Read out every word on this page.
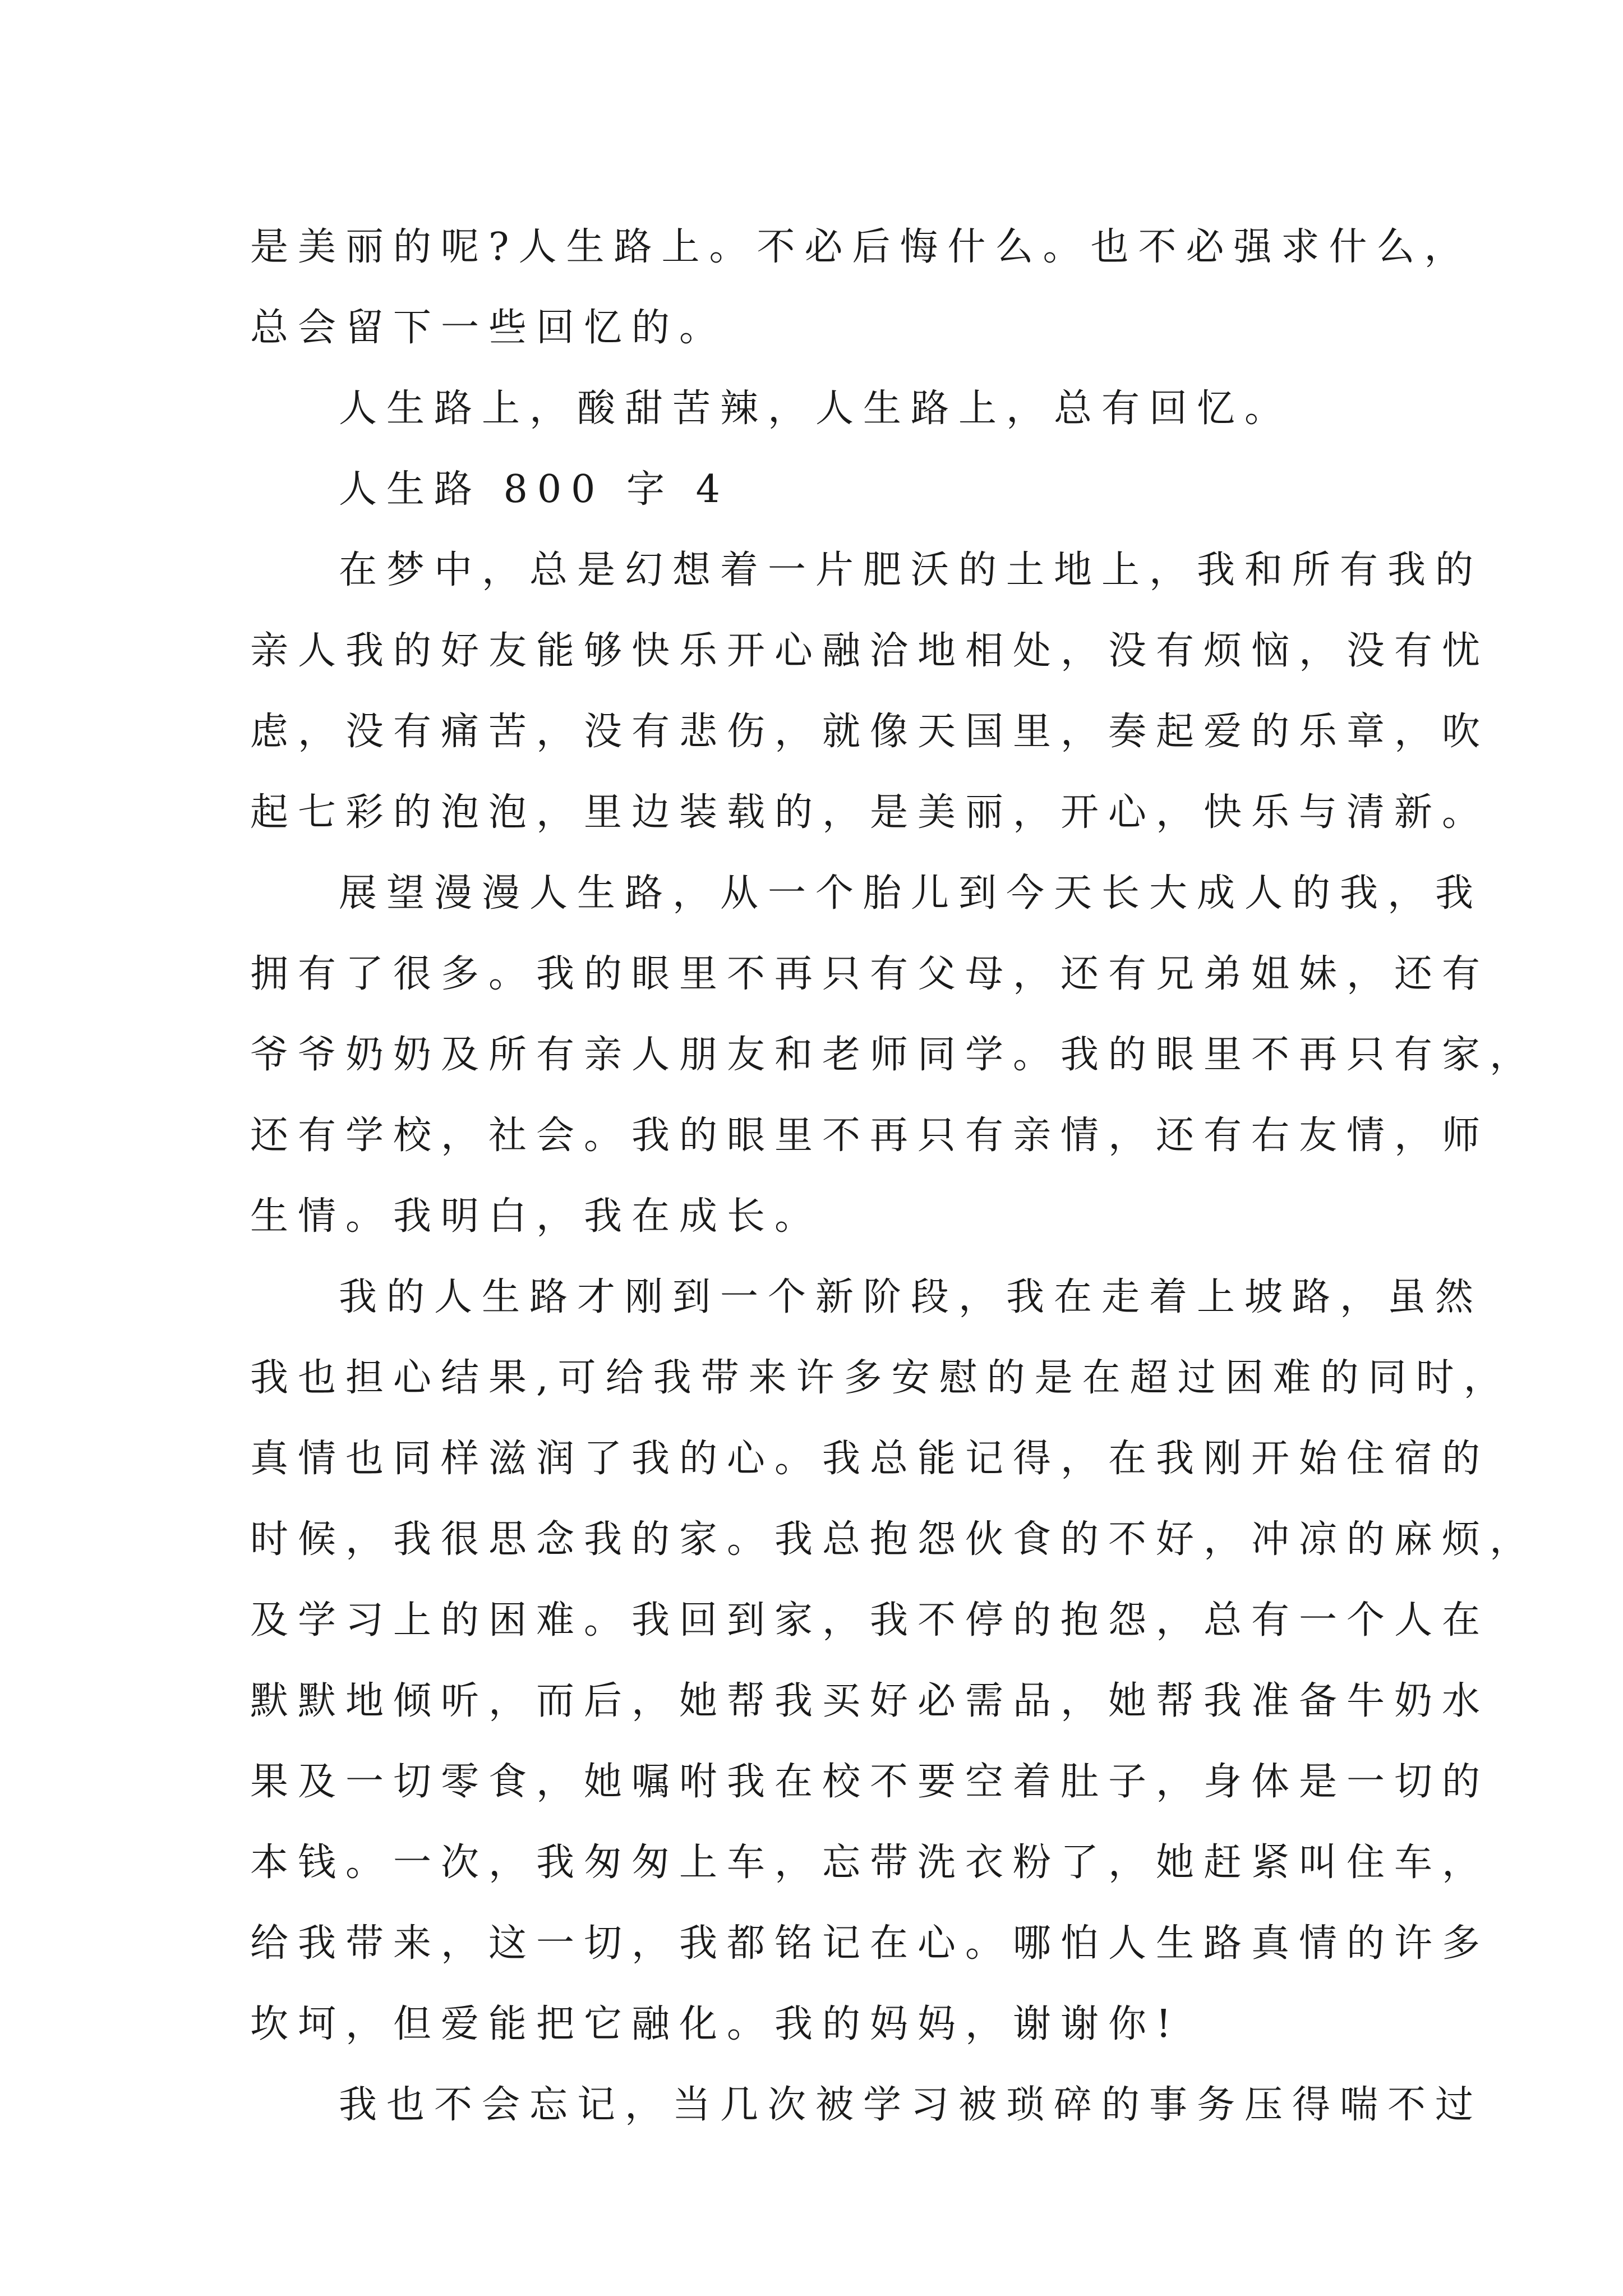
是美丽的呢?人生路上。不必后悔什么。也不必强求什么，
总会留下一些回忆的。
人生路上，酸甜苦辣，人生路上，总有回忆。
人生路 800 字 4
在梦中，总是幻想着一片肥沃的土地上，我和所有我的
亲人我的好友能够快乐开心融洽地相处，没有烦恼，没有忧
虑，没有痛苦，没有悲伤，就像天国里，奏起爱的乐章，吹
起七彩的泡泡，里边装载的，是美丽，开心，快乐与清新。
展望漫漫人生路，从一个胎儿到今天长大成人的我，我
拥有了很多。我的眼里不再只有父母，还有兄弟姐妹，还有
爷爷奶奶及所有亲人朋友和老师同学。我的眼里不再只有家，
还有学校，社会。我的眼里不再只有亲情，还有右友情，师
生情。我明白，我在成长。
我的人生路才刚到一个新阶段，我在走着上坡路，虽然
我也担心结果,可给我带来许多安慰的是在超过困难的同时，
真情也同样滋润了我的心。我总能记得，在我刚开始住宿的
时候，我很思念我的家。我总抱怨伙食的不好，冲凉的麻烦，
及学习上的困难。我回到家，我不停的抱怨，总有一个人在
默默地倾听，而后，她帮我买好必需品，她帮我准备牛奶水
果及一切零食，她嘱咐我在校不要空着肚子，身体是一切的
本钱。一次，我匆匆上车，忘带洗衣粉了，她赶紧叫住车，
给我带来，这一切，我都铭记在心。哪怕人生路真情的许多
坎坷，但爱能把它融化。我的妈妈，谢谢你!
我也不会忘记，当几次被学习被琐碎的事务压得喘不过
